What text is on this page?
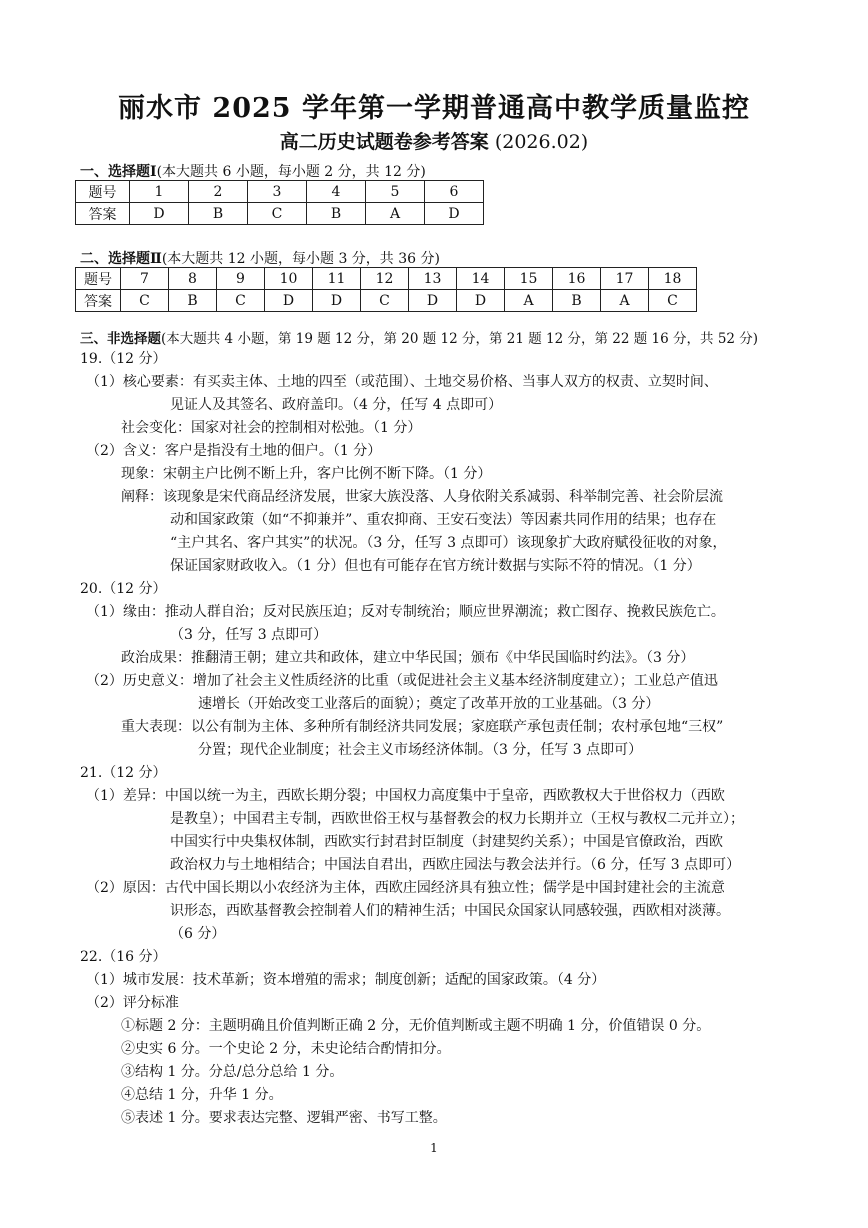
丽水市 2025 学年第一学期普通高中教学质量监控
高二历史试题卷参考答案 (2026.02)
一、选择题Ⅰ(本大题共 6 小题，每小题 2 分，共 12 分)
题号	1	2	3	4	5	6
答案	D	B	C	B	A	D
二、选择题Ⅱ(本大题共 12 小题，每小题 3 分，共 36 分)
题号	7	8	9	10	11	12	13	14	15	16	17	18
答案	C	B	C	D	D	C	D	D	A	B	A	C
三、非选择题(本大题共 4 小题，第 19 题 12 分，第 20 题 12 分，第 21 题 12 分，第 22 题 16 分，共 52 分)
19.（12 分）
（1）核心要素：有买卖主体、土地的四至（或范围）、土地交易价格、当事人双方的权责、立契时间、
见证人及其签名、政府盖印。（4 分，任写 4 点即可）
社会变化：国家对社会的控制相对松弛。（1 分）
（2）含义：客户是指没有土地的佃户。（1 分）
现象：宋朝主户比例不断上升，客户比例不断下降。（1 分）
阐释：该现象是宋代商品经济发展，世家大族没落、人身依附关系减弱、科举制完善、社会阶层流
动和国家政策（如“不抑兼并”、重农抑商、王安石变法）等因素共同作用的结果；也存在
“主户其名、客户其实”的状况。（3 分，任写 3 点即可）该现象扩大政府赋役征收的对象，
保证国家财政收入。（1 分）但也有可能存在官方统计数据与实际不符的情况。（1 分）
20.（12 分）
（1）缘由：推动人群自治；反对民族压迫；反对专制统治；顺应世界潮流；救亡图存、挽救民族危亡。
（3 分，任写 3 点即可）
政治成果：推翻清王朝；建立共和政体，建立中华民国；颁布《中华民国临时约法》。（3 分）
（2）历史意义：增加了社会主义性质经济的比重（或促进社会主义基本经济制度建立）；工业总产值迅
速增长（开始改变工业落后的面貌）；奠定了改革开放的工业基础。（3 分）
重大表现：以公有制为主体、多种所有制经济共同发展；家庭联产承包责任制；农村承包地“三权”
分置；现代企业制度；社会主义市场经济体制。（3 分，任写 3 点即可）
21.（12 分）
（1）差异：中国以统一为主，西欧长期分裂；中国权力高度集中于皇帝，西欧教权大于世俗权力（西欧
是教皇）；中国君主专制，西欧世俗王权与基督教会的权力长期并立（王权与教权二元并立）；
中国实行中央集权体制，西欧实行封君封臣制度（封建契约关系）；中国是官僚政治，西欧
政治权力与土地相结合；中国法自君出，西欧庄园法与教会法并行。（6 分，任写 3 点即可）
（2）原因：古代中国长期以小农经济为主体，西欧庄园经济具有独立性；儒学是中国封建社会的主流意
识形态，西欧基督教会控制着人们的精神生活；中国民众国家认同感较强，西欧相对淡薄。
（6 分）
22.（16 分）
（1）城市发展：技术革新；资本增殖的需求；制度创新；适配的国家政策。（4 分）
（2）评分标准
①标题 2 分：主题明确且价值判断正确 2 分，无价值判断或主题不明确 1 分，价值错误 0 分。
②史实 6 分。一个史论 2 分，未史论结合酌情扣分。
③结构 1 分。分总/总分总给 1 分。
④总结 1 分，升华 1 分。
⑤表述 1 分。要求表达完整、逻辑严密、书写工整。
1
